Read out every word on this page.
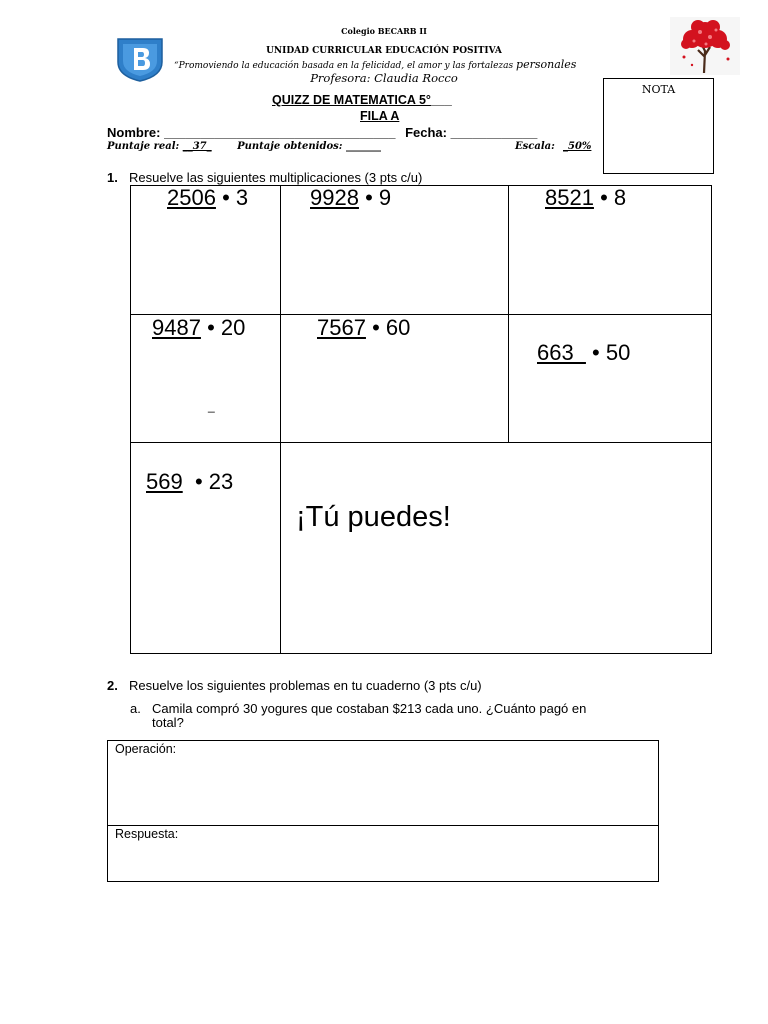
Colegio BECARB II
UNIDAD CURRICULAR EDUCACIÓN POSITIVA
“Promoviendo la educación basada en la felicidad, el amor y las fortalezas personales
Profesora: Claudia Rocco
NOTA
QUIZZ DE MATEMATICA 5°___
FILA A
Nombre: ________________________________ Fecha: ____________
Puntaje real: __37_	Puntaje obtenidos: _______	Escala: _50%
1. Resuelve las siguientes multiplicaciones (3 pts c/u)
2506 • 3	9928 • 9	8521 • 8
9487 • 20	7567 • 60
663   • 50
569  • 23
_
¡Tú puedes!
2. Resuelve los siguientes problemas en tu cuaderno (3 pts c/u)
a. Camila compró 30 yogures que costaban $213 cada uno. ¿Cuánto pagó en
total?
Operación:
Respuesta:
